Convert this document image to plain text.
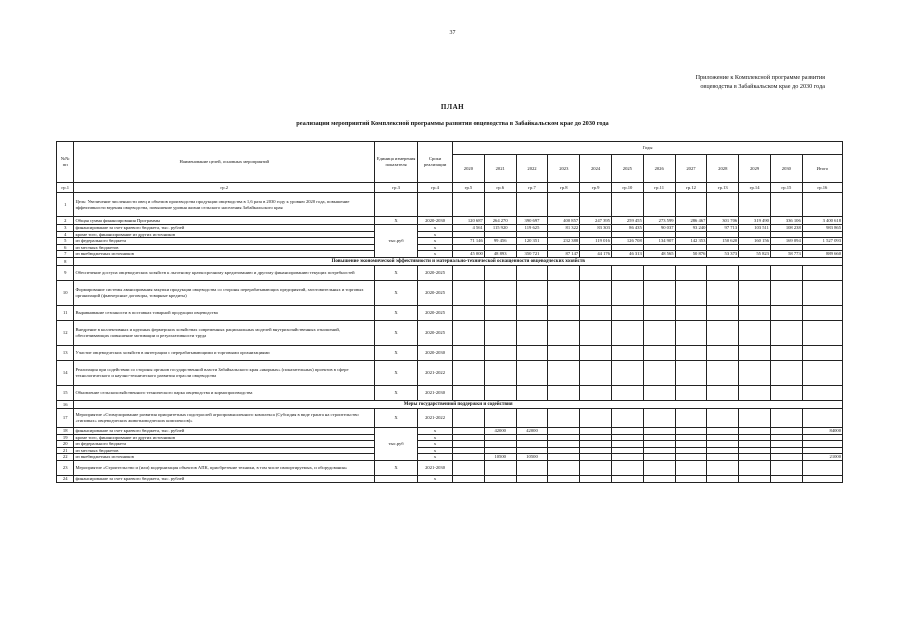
37
Приложение к Комплексной программе развития
овцеводства в Забайкальском крае до 2030 года
ПЛАН
реализации мероприятий Комплексной программы развития овцеводства в Забайкальском крае до 2030 года
№№ пп	Наименование целей, основных мероприятий	Единица измерения показателя	Сроки реализации	Годы											
				2020	2021	2022	2023	2024	2025	2026	2027	2028	2029	2030	Итого
гр.1	гр.2	гр.3	гр.4	гр.5	гр.6	гр.7	гр.8	гр.9	гр.10	гр.11	гр.12	гр.13	гр.14	гр.15	гр.16
1	Цель: Увеличение численности овец и объемов производства продукции овцеводства в 1,6 раза в 2030 году к уровню 2020 года, повышение эффективности ведения овцеводства, повышение уровня жизни сельского населения Забайкальского края														
2	Общая сумма финансирования Программы	Х	2020-2030	120 687	264 270	390 697	400 857	247 395	259 455	273 599	286 467	301 706	319 490	336 106	3 400 618
3	финансирование за счет краевого бюджета, тыс. рублей	тыс.руб	х	4 561	115 920	119 625	81 322	83 303	86 435	90 037	93 240	97 713	103 511	108 238	983 865
4	кроме того, финансирование из других источников		х												
5	из федерального бюджета		х	71 146	99 456	120 351	232 388	119 016	126 708	134 907	142 353	150 620	160 156	169 094	1 527 093
6	из местных бюджетов		х												
7	из внебюджетных источников		х	45 000	48 893	350 721	87 147	44 176	46 313	48 565	50 876	53 373	55 823	58 773	889 660
8	Повышение экономической эффективности и материально-технической оснащенности овцеводческих хозяйств														
9	Обеспечение доступа овцеводческих хозяйств к льготному краткосрочному кредитованию и другому финансированию текущих потребностей	Х	2020-2025												
10	Формирование системы авансирования закупки продукции овцеводства со стороны перерабатывающих предприятий, заготовительных и торговых организаций (фьючерсные договоры, товарные кредиты)	Х	2020-2025												
11	Выравнивание сезонности в поставках товарной продукции овцеводства	Х	2020-2025												
12	Внедрение в коллективных и крупных фермерских хозяйствах современных рациональных моделей внутрихозяйственных отношений, обеспечивающих повышение мотивации и результативности труда	Х	2020-2025												
13	Участие овцеводческих хозяйств в интеграции с перерабатывающими и торговыми организациями	Х	2020-2030												
14	Реализация при содействии со стороны органов государственной власти Забайкальского края «якорных» (показательных) проектов в сфере технологического и научно-технического развития отрасли овцеводства	Х	2021-2022												
15	Обновление сельскохозяйственного технического парка овцеводства и кормопроизводства	Х	2021-2030												
16	Меры государственной поддержки и содействия														
17	Мероприятие «Стимулирование развития приоритетных подотраслей агропромышленного комплекса (Субсидия в виде гранта на строительство «типовых» овцеводческих животноводческих комплексов)»	Х	2021-2022												
18	финансирование за счет краевого бюджета, тыс. рублей	тыс.руб	х		42000	42000									84000
19	кроме того, финансирование из других источников		х												
20	из федерального бюджета		х												
21	из местных бюджетов		х												
22	из внебюджетных источников		х		10500	10500									21000
23	Мероприятие «Строительство и (или) модернизация объектов АПК, приобретение техники, в том числе импортируемых, и оборудования»	Х	2021-2030												
24	финансирование за счет краевого бюджета, тыс. рублей		х												
